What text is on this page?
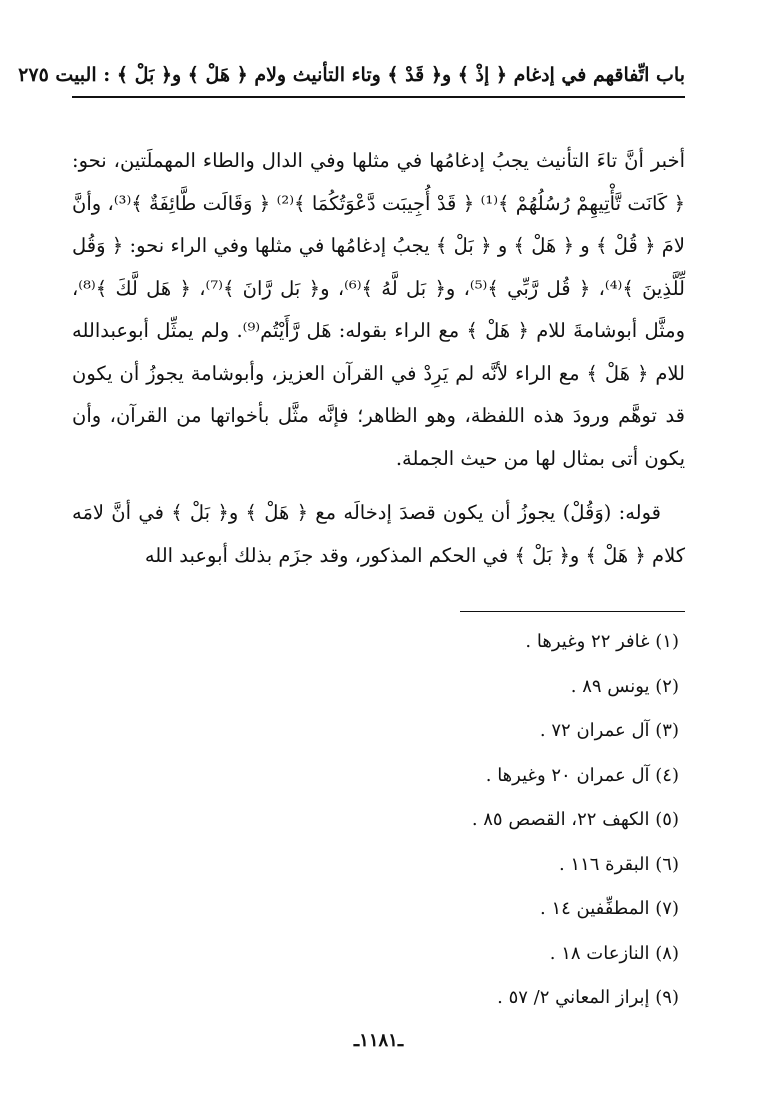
باب اتِّفاقهم في إدغام ﴿ إذْ ﴾ و﴿ قَدْ ﴾ وتاء التأنيث ولام ﴿ هَلْ ﴾ و﴿ بَلْ ﴾ : البيت ٢٧٥

أخبر أنَّ تاءَ التأنيث يجبُ إدغامُها في مثلها وفي الدال والطاء المهملَتين، نحو: ﴿ كَانَت تَّأْتِيهِمْ رُسُلُهُمْ ﴾⁽¹⁾ ﴿ قَدْ أُجِيبَت دَّعْوَتُكُمَا ﴾⁽²⁾ ﴿ وَقَالَت طَّائِفَةٌ ﴾⁽³⁾، وأنَّ لامَ ﴿ قُلْ ﴾ و ﴿ هَلْ ﴾ و ﴿ بَلْ ﴾ يجبُ إدغامُها في مثلها وفي الراء نحو: ﴿ وَقُل لِّلَّذِينَ ﴾⁽⁴⁾، ﴿ قُل رَّبِّي ﴾⁽⁵⁾، و﴿ بَل لَّهُ ﴾⁽⁶⁾، و﴿ بَل رَّانَ ﴾⁽⁷⁾، ﴿ هَل لَّكَ ﴾⁽⁸⁾، ومثَّل أبوشامةَ للام ﴿ هَلْ ﴾ مع الراء بقوله: هَل رَّأَيْتُم⁽⁹⁾. ولم يمثِّل أبوعبدالله للام ﴿ هَلْ ﴾ مع الراء لأنَّه لم يَرِدْ في القرآن العزيز، وأبوشامة يجوزُ أن يكون قد توهَّم ورودَ هذه اللفظة، وهو الظاهر؛ فإنَّه مثَّل بأخواتها من القرآن، وأن يكون أتى بمثال لها من حيث الجملة.

قوله: (وَقُلْ) يجوزُ أن يكون قصدَ إدخالَه مع ﴿ هَلْ ﴾ و﴿ بَلْ ﴾ في أنَّ لامَه كلام ﴿ هَلْ ﴾ و﴿ بَلْ ﴾ في الحكم المذكور، وقد جزَم بذلك أبوعبد الله

(١) غافر ٢٢ وغيرها .
(٢) يونس ٨٩ .
(٣) آل عمران ٧٢ .
(٤) آل عمران ٢٠ وغيرها .
(٥) الكهف ٢٢، القصص ٨٥ .
(٦) البقرة ١١٦ .
(٧) المطفِّفين ١٤ .
(٨) النازعات ١٨ .
(٩) إبراز المعاني ٢/ ٥٧ .
ـ١١٨١ـ
